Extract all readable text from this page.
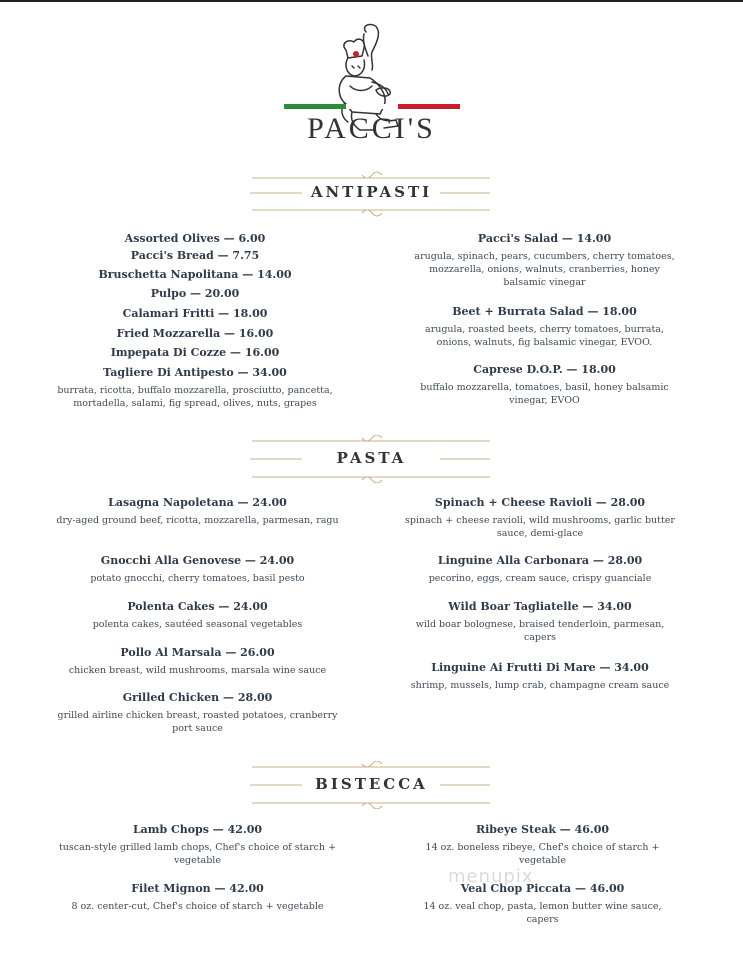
PACCI'S
ANTIPASTI
Assorted Olives — 6.00
Pacci's Bread — 7.75
Bruschetta Napolitana — 14.00
Pulpo — 20.00
Calamari Fritti — 18.00
Fried Mozzarella — 16.00
Impepata Di Cozze — 16.00
Tagliere Di Antipesto — 34.00
burrata, ricotta, buffalo mozzarella, prosciutto, pancetta, mortadella, salami, fig spread, olives, nuts, grapes
Pacci's Salad — 14.00
arugula, spinach, pears, cucumbers, cherry tomatoes, mozzarella, onions, walnuts, cranberries, honey balsamic vinegar
Beet + Burrata Salad — 18.00
arugula, roasted beets, cherry tomatoes, burrata, onions, walnuts, fig balsamic vinegar, EVOO.
Caprese D.O.P. — 18.00
buffalo mozzarella, tomatoes, basil, honey balsamic vinegar, EVOO
PASTA
Lasagna Napoletana — 24.00
dry-aged ground beef, ricotta, mozzarella, parmesan, ragu
Gnocchi Alla Genovese — 24.00
potato gnocchi, cherry tomatoes, basil pesto
Polenta Cakes — 24.00
polenta cakes, sautéed seasonal vegetables
Pollo Al Marsala — 26.00
chicken breast, wild mushrooms, marsala wine sauce
Grilled Chicken — 28.00
grilled airline chicken breast, roasted potatoes, cranberry port sauce
Spinach + Cheese Ravioli — 28.00
spinach + cheese ravioli, wild mushrooms, garlic butter sauce, demi-glace
Linguine Alla Carbonara — 28.00
pecorino, eggs, cream sauce, crispy guanciale
Wild Boar Tagliatelle — 34.00
wild boar bolognese, braised tenderloin, parmesan, capers
Linguine Ai Frutti Di Mare — 34.00
shrimp, mussels, lump crab, champagne cream sauce
BISTECCA
Lamb Chops — 42.00
tuscan-style grilled lamb chops, Chef's choice of starch + vegetable
Filet Mignon — 42.00
8 oz. center-cut, Chef's choice of starch + vegetable
Ribeye Steak — 46.00
14 oz. boneless ribeye, Chef's choice of starch + vegetable
Veal Chop Piccata — 46.00
14 oz. veal chop, pasta, lemon butter wine sauce, capers
menupix
